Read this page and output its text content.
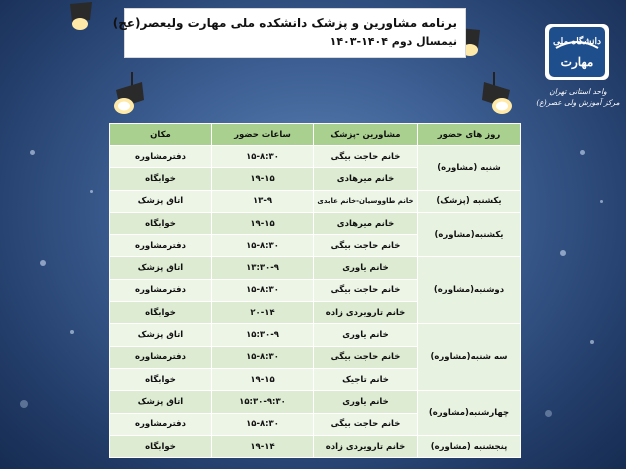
برنامه مشاورین و پزشک دانشکده ملی مهارت ولیعصر(عج)
نیمسال دوم ۱۴۰۴-۱۴۰۳	دانشگاه ملی
مهارت
واحد استانی تهران
مرکز آموزش ولی عصر(ع)
روز های حضور	مشاورین -پزشک	ساعات حضور	مکان
شنبه (مشاوره)	خانم حاجت بیگی	۱۵-۸:۳۰	دفترمشاوره
	خانم میرهادی	۱۹-۱۵	خوابگاه
یکشنبه (پزشک)	خانم طاووسیان-خانم عابدی	۱۳-۹	اتاق پزشک
یکشنبه(مشاوره)	خانم میرهادی	۱۹-۱۵	خوابگاه
	خانم حاجت بیگی	۱۵-۸:۳۰	دفترمشاوره
دوشنبه(مشاوره)	خانم یاوری	۱۳:۳۰-۹	اتاق پزشک
	خانم حاجت بیگی	۱۵-۸:۳۰	دفترمشاوره
	خانم تارویردی زاده	۲۰-۱۴	خوابگاه
سه شنبه(مشاوره)	خانم یاوری	۱۵:۳۰-۹	اتاق پزشک
	خانم حاجت بیگی	۱۵-۸:۳۰	دفترمشاوره
	خانم تاجیک	۱۹-۱۵	خوابگاه
چهارشنبه(مشاوره)	خانم یاوری	۱۵:۳۰-۹:۳۰	اتاق پزشک
	خانم حاجت بیگی	۱۵-۸:۳۰	دفترمشاوره
پنجشنبه (مشاوره)	خانم تارویردی زاده	۱۹-۱۴	خوابگاه
